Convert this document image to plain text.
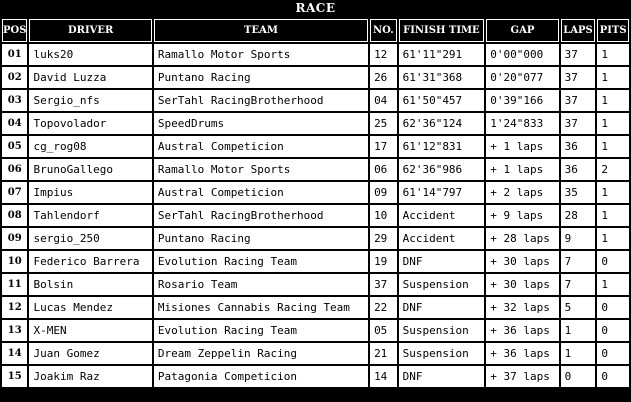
RACE
POS	DRIVER	TEAM	NO.	FINISH TIME	GAP	LAPS	PITS
01	luks20	Ramallo Motor Sports	12	61'11"291	0'00"000	37	1
02	David Luzza	Puntano Racing	26	61'31"368	0'20"077	37	1
03	Sergio_nfs	SerTahl RacingBrotherhood	04	61'50"457	0'39"166	37	1
04	Topovolador	SpeedDrums	25	62'36"124	1'24"833	37	1
05	cg_rog08	Austral Competicion	17	61'12"831	+ 1 laps	36	1
06	BrunoGallego	Ramallo Motor Sports	06	62'36"986	+ 1 laps	36	2
07	Impius	Austral Competicion	09	61'14"797	+ 2 laps	35	1
08	Tahlendorf	SerTahl RacingBrotherhood	10	Accident	+ 9 laps	28	1
09	sergio_250	Puntano Racing	29	Accident	+ 28 laps	9	1
10	Federico Barrera	Evolution Racing Team	19	DNF	+ 30 laps	7	0
11	Bolsin	Rosario Team	37	Suspension	+ 30 laps	7	1
12	Lucas Mendez	Misiones Cannabis Racing Team	22	DNF	+ 32 laps	5	0
13	X-MEN	Evolution Racing Team	05	Suspension	+ 36 laps	1	0
14	Juan Gomez	Dream Zeppelin Racing	21	Suspension	+ 36 laps	1	0
15	Joakim Raz	Patagonia Competicion	14	DNF	+ 37 laps	0	0
